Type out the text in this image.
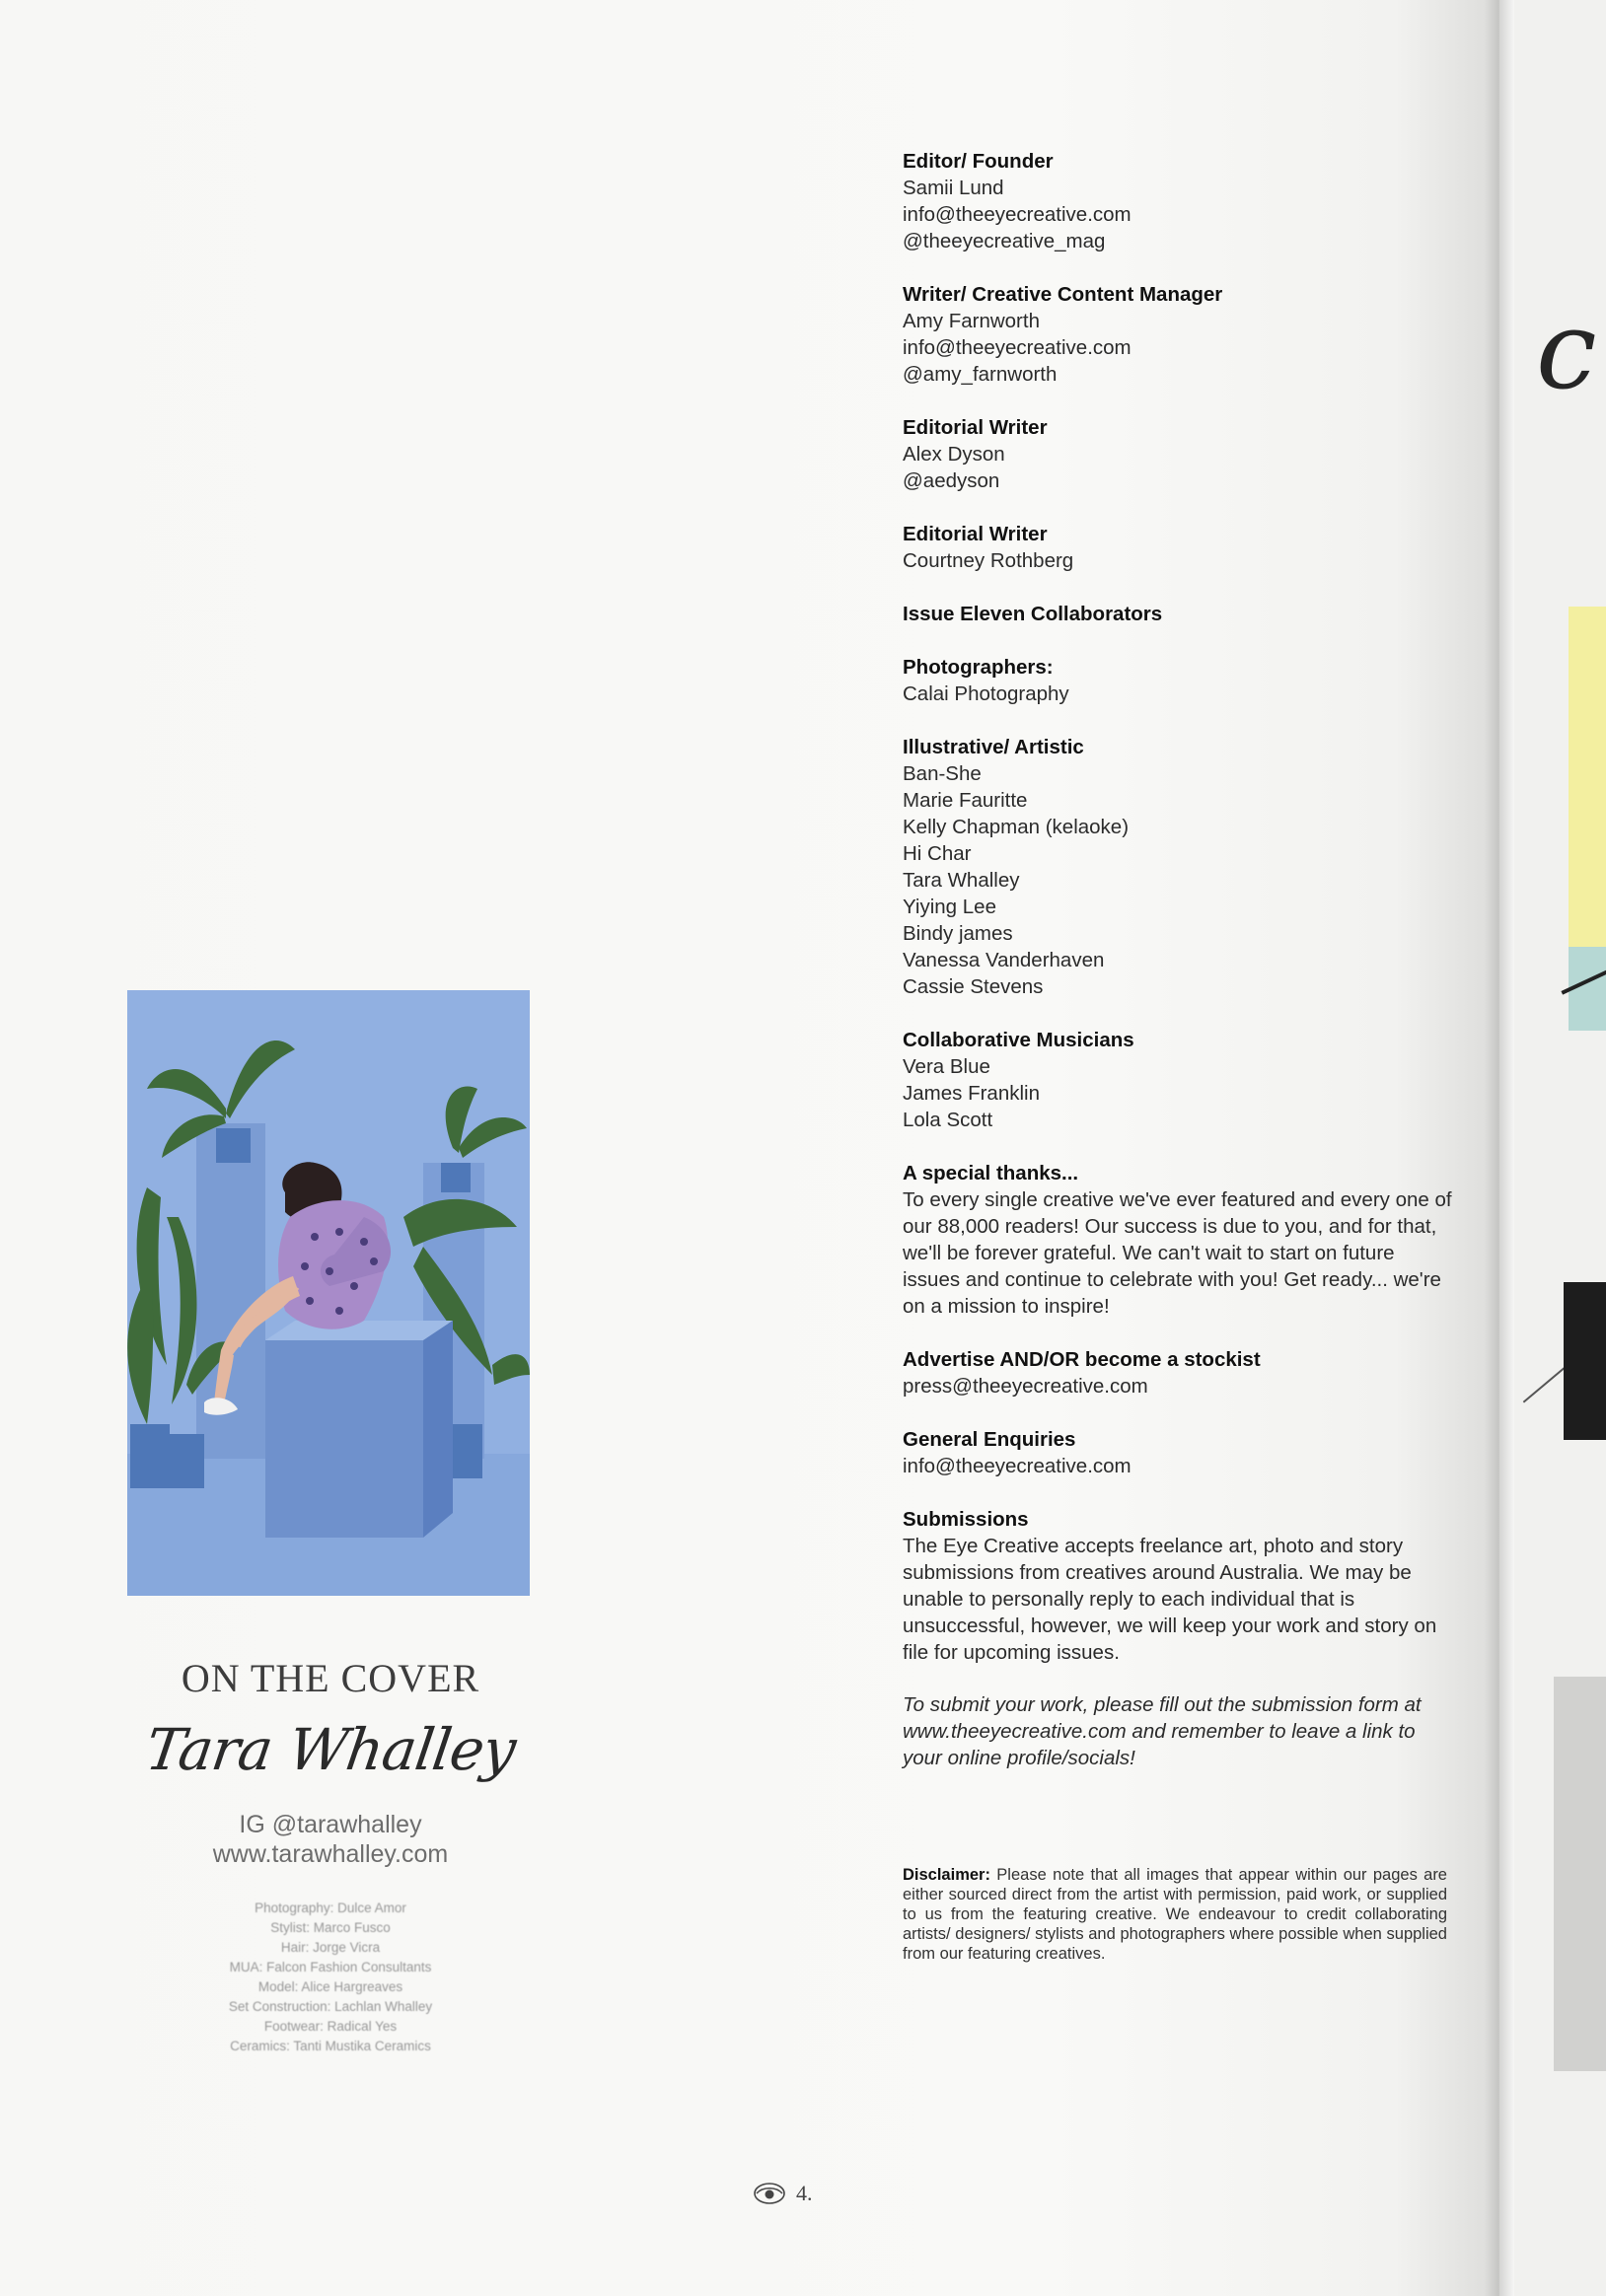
c
ON THE COVER
Tara Whalley
IG @tarawhalley
www.tarawhalley.com
Photography: Dulce Amor
Stylist: Marco Fusco
Hair: Jorge Vicra
MUA: Falcon Fashion Consultants
Model: Alice Hargreaves
Set Construction: Lachlan Whalley
Footwear: Radical Yes
Ceramics: Tanti Mustika Ceramics
Editor/ Founder
Samii Lund
info@theeyecreative.com
@theeyecreative_mag
Writer/ Creative Content Manager
Amy Farnworth
info@theeyecreative.com
@amy_farnworth
Editorial Writer
Alex Dyson
@aedyson
Editorial Writer
Courtney Rothberg
Issue Eleven Collaborators
Photographers:
Calai Photography
Illustrative/ Artistic
Ban-She
Marie Fauritte
Kelly Chapman (kelaoke)
Hi Char
Tara Whalley
Yiying Lee
Bindy james
Vanessa Vanderhaven
Cassie Stevens
Collaborative Musicians
Vera Blue
James Franklin
Lola Scott
A special thanks...
To every single creative we've ever featured and every one of our 88,000 readers! Our success is due to you, and for that, we'll be forever grateful. We can't wait to start on future issues and continue to celebrate with you! Get ready... we're on a mission to inspire!
Advertise AND/OR become a stockist
press@theeyecreative.com
General Enquiries
info@theeyecreative.com
Submissions
The Eye Creative accepts freelance art, photo and story submissions from creatives around Australia. We may be unable to personally reply to each individual that is unsuccessful, however, we will keep your work and story on file for upcoming issues.
To submit your work, please fill out the submission form at www.theeyecreative.com and remember to leave a link to your online profile/socials!
Disclaimer: Please note that all images that appear within our pages are either sourced direct from the artist with permission, paid work, or supplied to us from the featuring creative. We endeavour to credit collaborating artists/ designers/ stylists and photographers where possible when supplied from our featuring creatives.
4.
